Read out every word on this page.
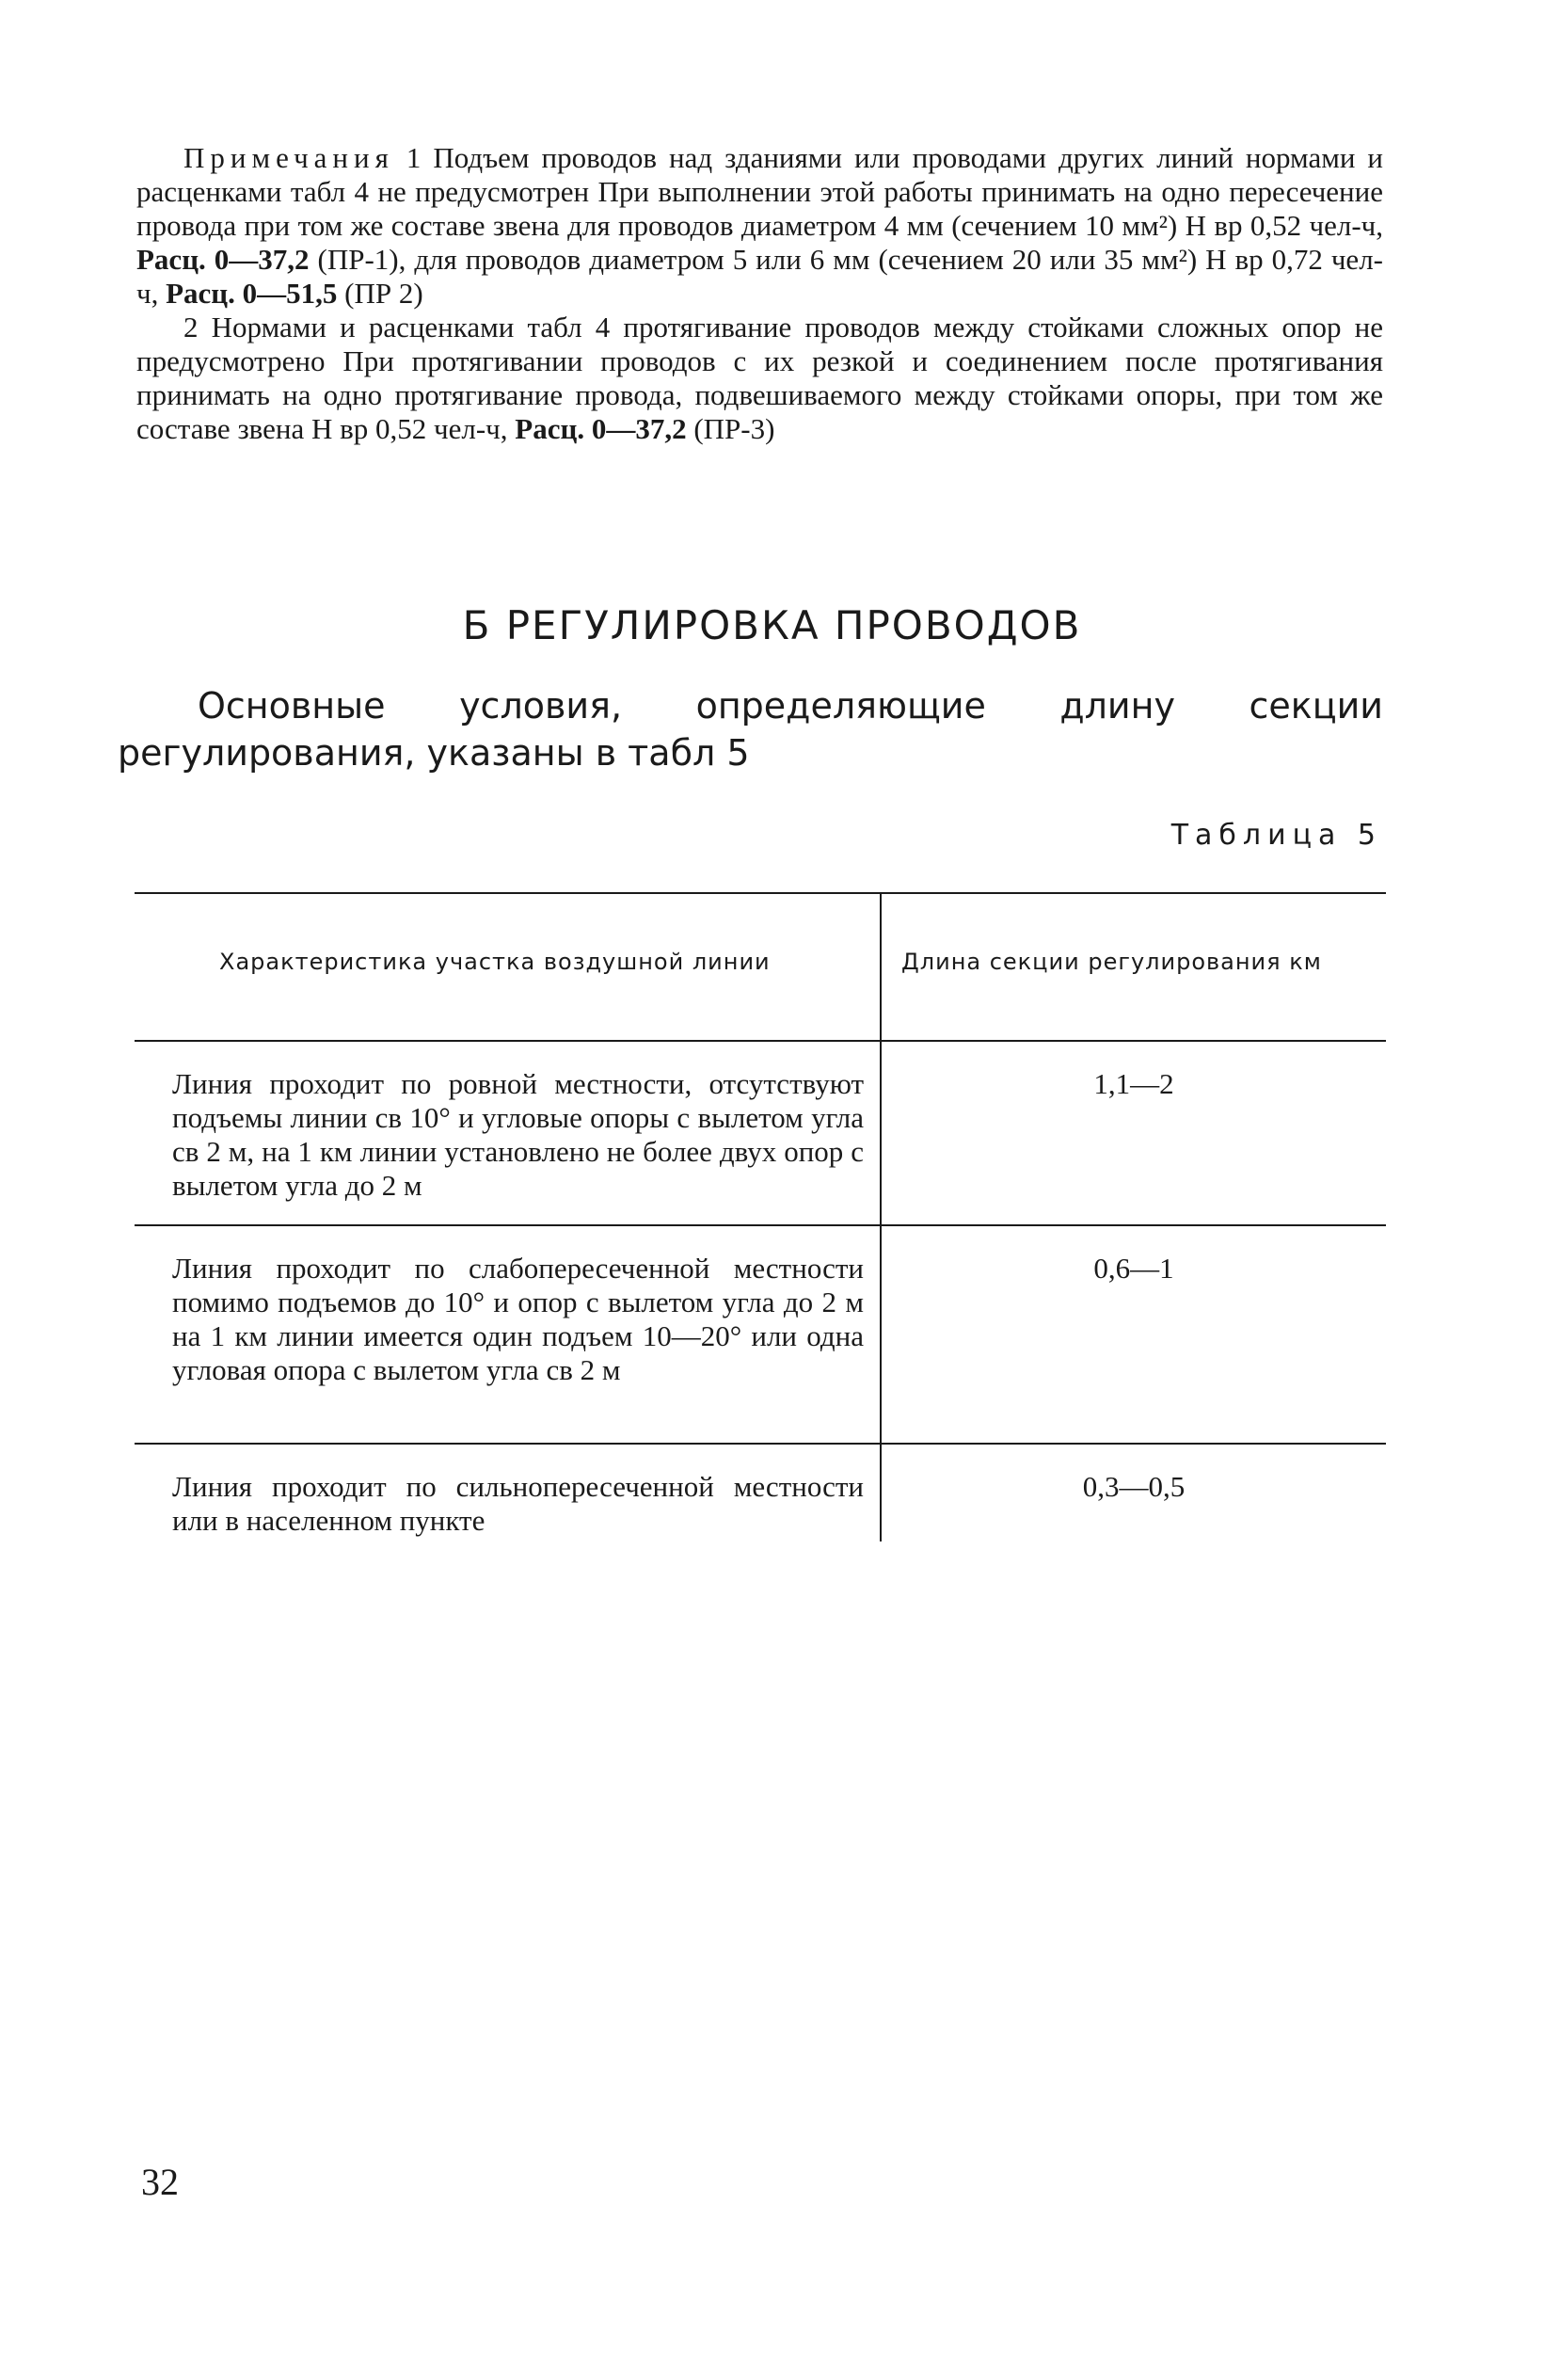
Примечания 1 Подъем проводов над зданиями или проводами других линий нормами и расценками табл 4 не предусмотрен При выполнении этой работы принимать на одно пересечение провода при том же составе звена для проводов диаметром 4 мм (сечением 10 мм²) Н вр 0,52 чел-ч, Расц. 0—37,2 (ПР-1), для проводов диаметром 5 или 6 мм (сечением 20 или 35 мм²) Н вр 0,72 чел-ч, Расц. 0—51,5 (ПР 2)

2 Нормами и расценками табл 4 протягивание проводов между стойками сложных опор не предусмотрено При протягивании проводов с их резкой и соединением после протягивания принимать на одно протягивание провода, подвешиваемого между стойками опоры, при том же составе звена Н вр 0,52 чел-ч, Расц. 0—37,2 (ПР-3)

Б РЕГУЛИРОВКА ПРОВОДОВ

Основные условия, определяющие длину секции регулирования, указаны в табл 5

Таблица 5

Характеристика участка воздушной линии	Длина секции регулирования км
Линия проходит по ровной местности, отсутствуют подъемы линии св 10° и угловые опоры с вылетом угла св 2 м, на 1 км линии установлено не более двух опор с вылетом угла до 2 м
1,1—2
Линия проходит по слабопересеченной местности помимо подъемов до 10° и опор с вылетом угла до 2 м на 1 км линии имеется один подъем 10—20° или одна угловая опора с вылетом угла св 2 м
0,6—1
Линия проходит по сильнопересеченной местности или в населенном пункте
0,3—0,5

32
